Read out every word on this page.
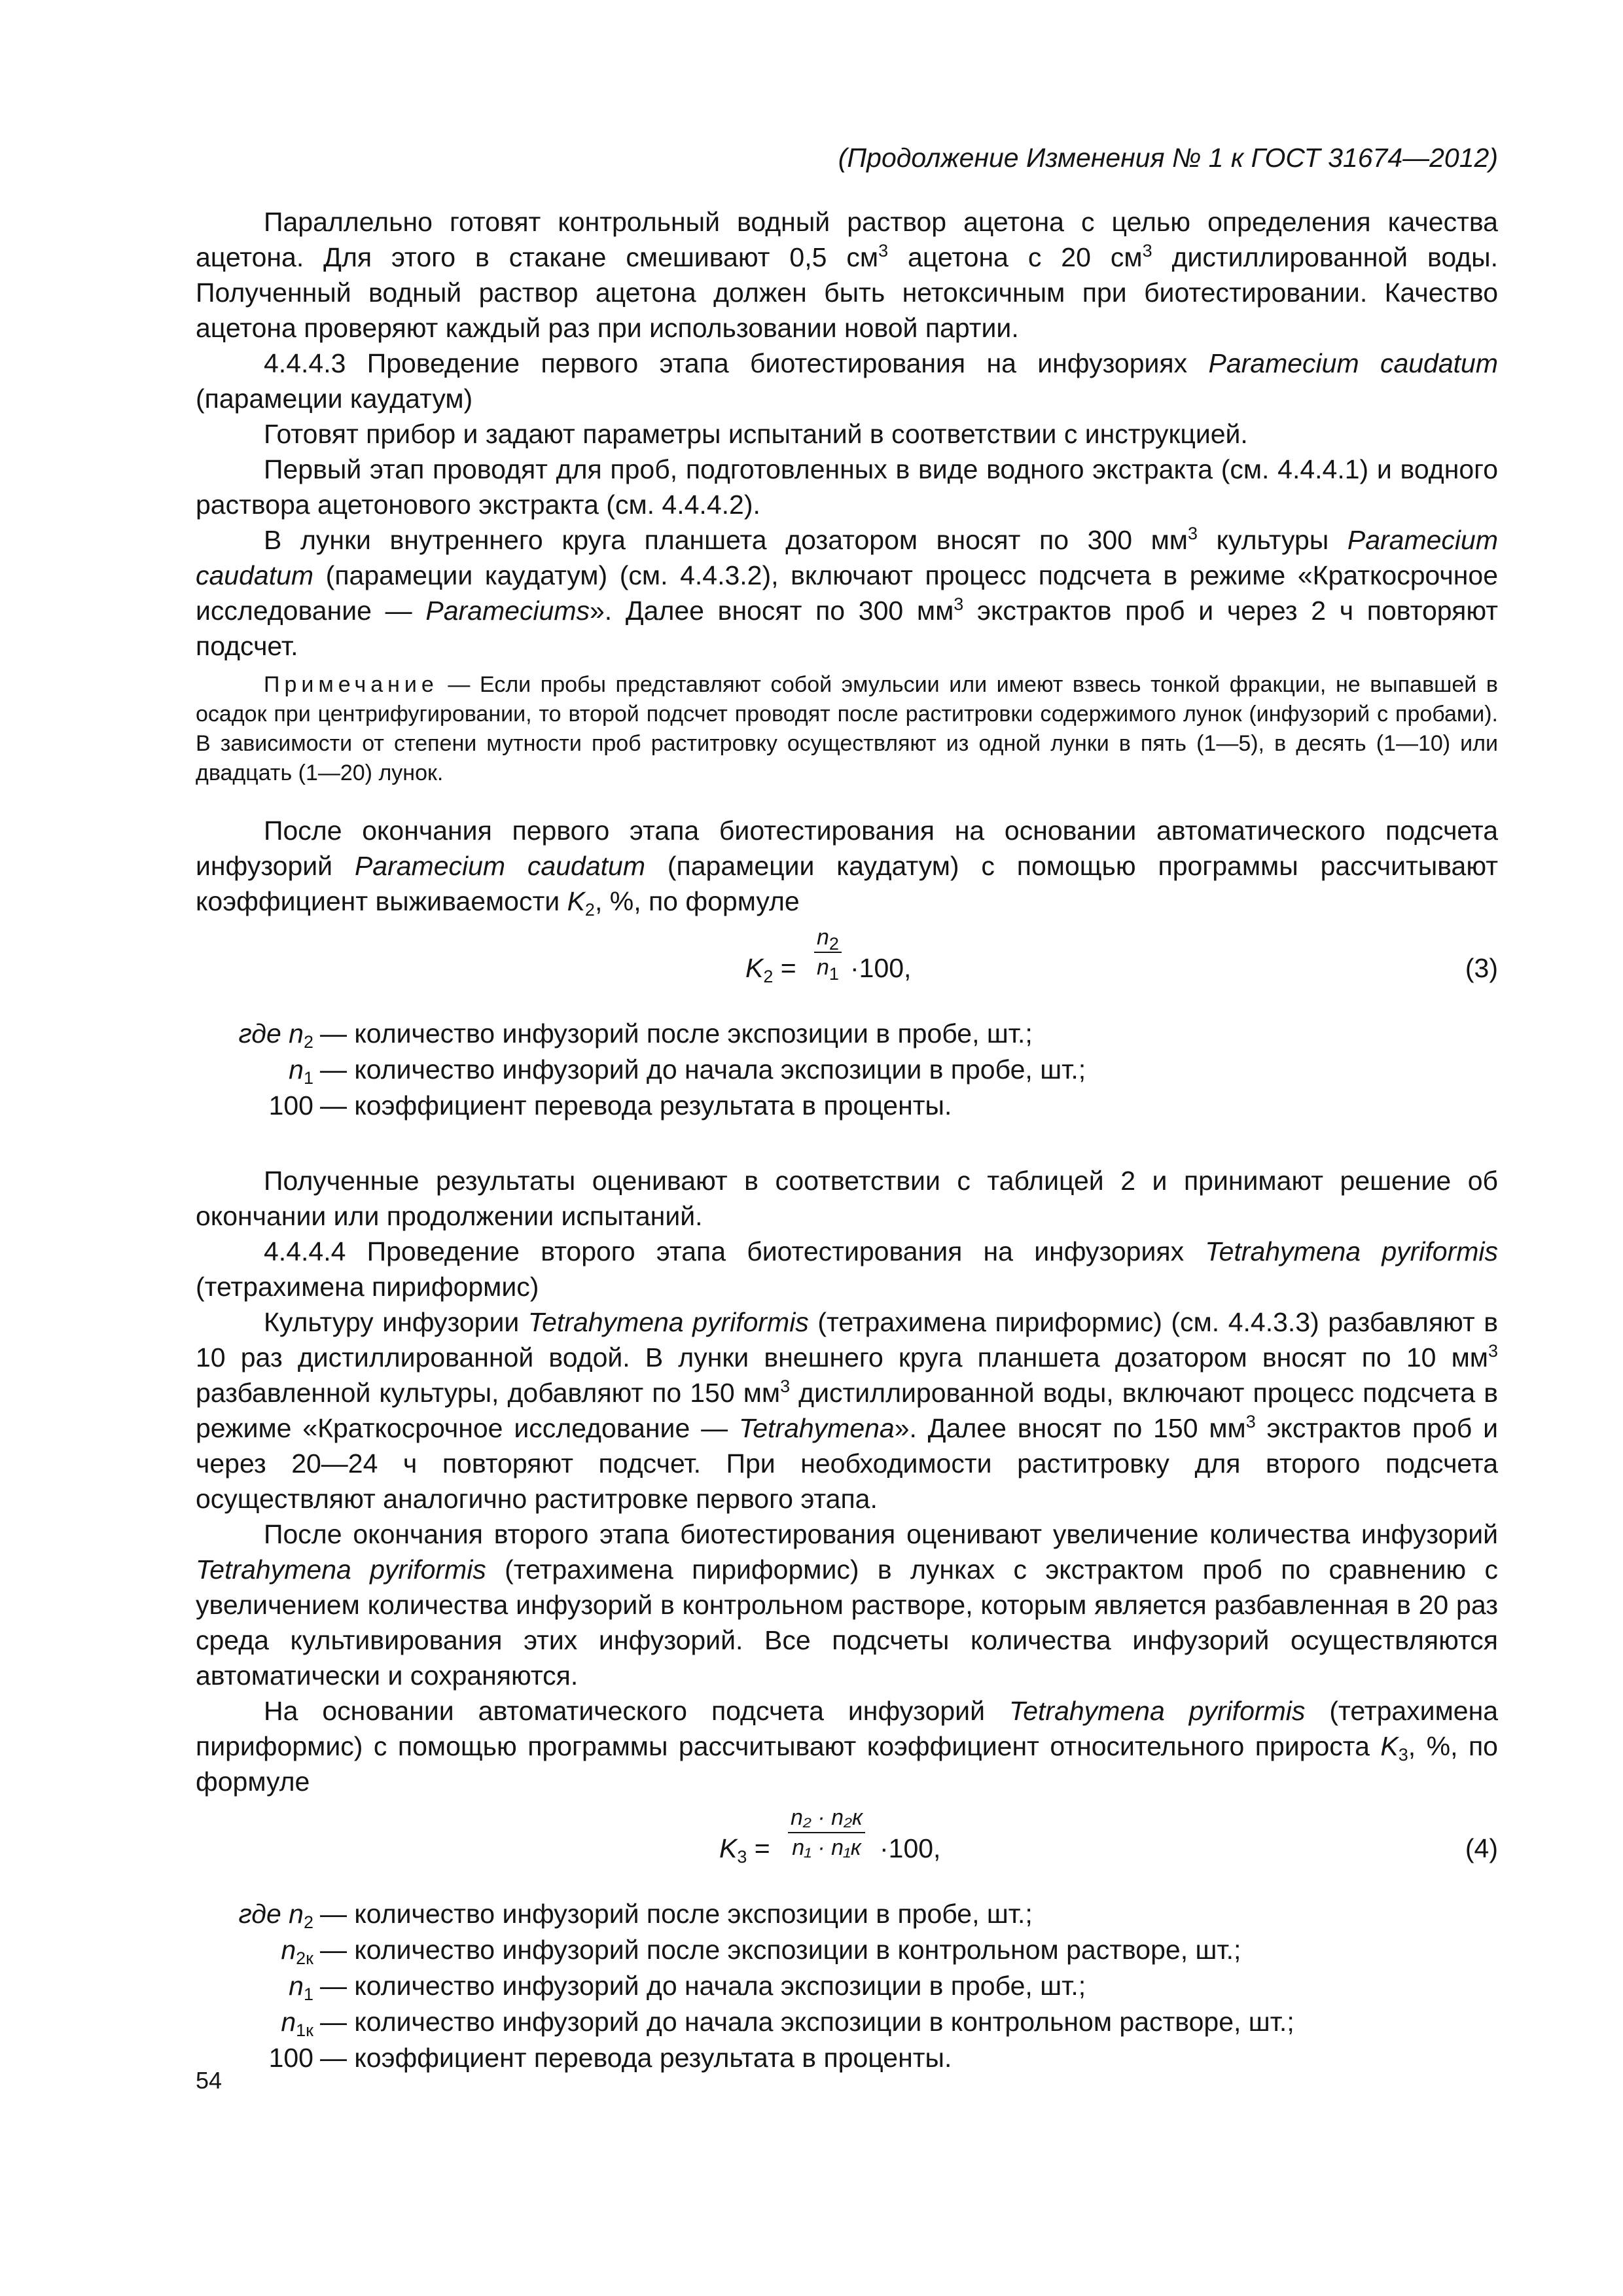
(Продолжение Изменения № 1 к ГОСТ 31674—2012)

Параллельно готовят контрольный водный раствор ацетона с целью определения качества ацетона. Для этого в стакане смешивают 0,5 $см^3$ ацетона с 20 $см^3$ дистиллированной воды. Полученный водный раствор ацетона должен быть нетоксичным при биотестировании. Качество ацетона проверяют каждый раз при использовании новой партии.

4.4.4.3 Проведение первого этапа биотестирования на инфузориях Paramecium caudatum (парамеции каудатум)

Готовят прибор и задают параметры испытаний в соответствии с инструкцией.

Первый этап проводят для проб, подготовленных в виде водного экстракта (см. 4.4.4.1) и водного раствора ацетонового экстракта (см. 4.4.4.2).

В лунки внутреннего круга планшета дозатором вносят по 300 $мм^3$ культуры Paramecium caudatum (парамеции каудатум) (см. 4.4.3.2), включают процесс подсчета в режиме «Краткосрочное исследование — Parameciums». Далее вносят по 300 $мм^3$ экстрактов проб и через 2 ч повторяют подсчет.

Примечание — Если пробы представляют собой эмульсии или имеют взвесь тонкой фракции, не выпавшей в осадок при центрифугировании, то второй подсчет проводят после раститровки содержимого лунок (инфузорий с пробами). В зависимости от степени мутности проб раститровку осуществляют из одной лунки в пять (1—5), в десять (1—10) или двадцать (1—20) лунок.

После окончания первого этапа биотестирования на основании автоматического подсчета инфузорий Paramecium caudatum (парамеции каудатум) с помощью программы рассчитывают коэффициент выживаемости $K_2$, %, по формуле

$K_2 = \frac{n_2}{n_1} \cdot 100$,	(3)
где $n_2$ — количество инфузорий после экспозиции в пробе, шт.;
$n_1$ — количество инфузорий до начала экспозиции в пробе, шт.;
100 — коэффициент перевода результата в проценты.

Полученные результаты оценивают в соответствии с таблицей 2 и принимают решение об окончании или продолжении испытаний.

4.4.4.4 Проведение второго этапа биотестирования на инфузориях Tetrahymena pyriformis (тетрахимена пириформис)

Культуру инфузории Tetrahymena pyriformis (тетрахимена пириформис) (см. 4.4.3.3) разбавляют в 10 раз дистиллированной водой. В лунки внешнего круга планшета дозатором вносят по 10 $мм^3$ разбавленной культуры, добавляют по 150 $мм^3$ дистиллированной воды, включают процесс подсчета в режиме «Краткосрочное исследование — Tetrahymena». Далее вносят по 150 $мм^3$ экстрактов проб и через 20—24 ч повторяют подсчет. При необходимости раститровку для второго подсчета осуществляют аналогично раститровке первого этапа.

После окончания второго этапа биотестирования оценивают увеличение количества инфузорий Tetrahymena pyriformis (тетрахимена пириформис) в лунках с экстрактом проб по сравнению с увеличением количества инфузорий в контрольном растворе, которым является разбавленная в 20 раз среда культивирования этих инфузорий. Все подсчеты количества инфузорий осуществляются автоматически и сохраняются.

На основании автоматического подсчета инфузорий Tetrahymena pyriformis (тетрахимена пириформис) с помощью программы рассчитывают коэффициент относительного прироста $K_3$, %, по формуле

$K_3$ =
n₂ · n₂к
n₁ · n₁к ·100,	(4)
где $n_2$ — количество инфузорий после экспозиции в пробе, шт.;
$n_{2к}$ — количество инфузорий после экспозиции в контрольном растворе, шт.;
$n_1$ — количество инфузорий до начала экспозиции в пробе, шт.;
$n_{1к}$ — количество инфузорий до начала экспозиции в контрольном растворе, шт.;
100 — коэффициент перевода результата в проценты.
54
